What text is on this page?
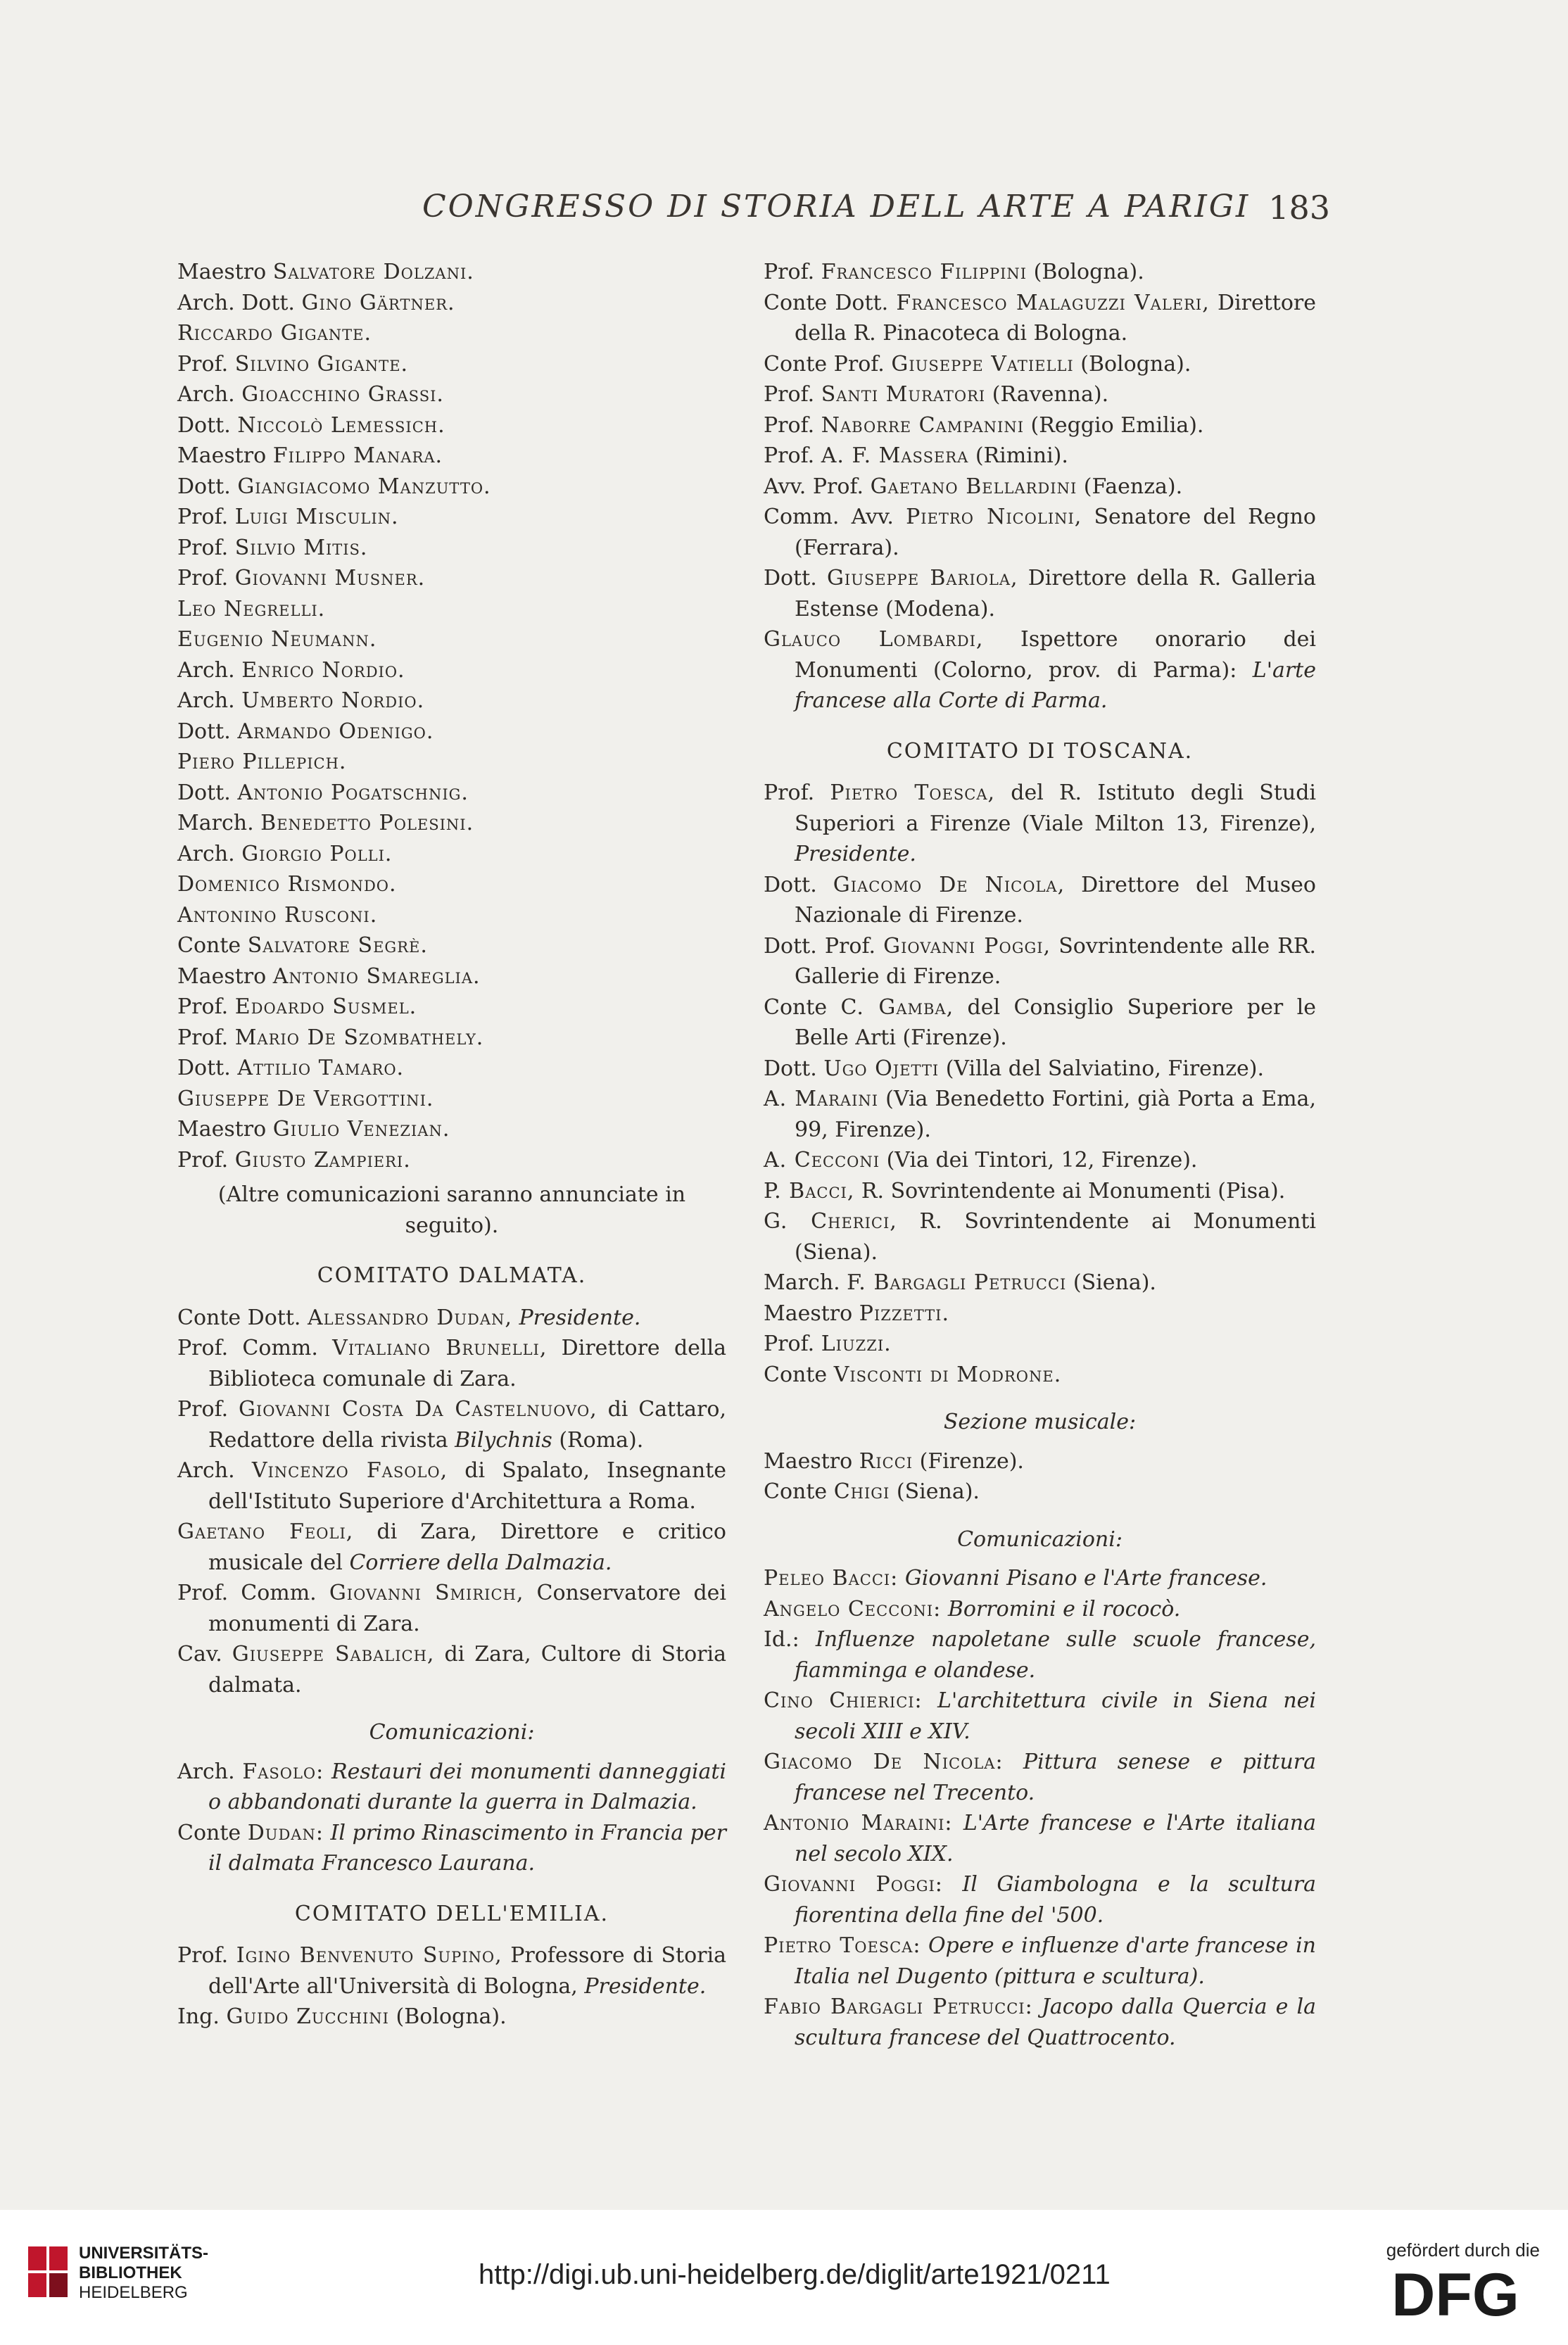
CONGRESSO DI STORIA DELL ARTE A PARIGI 183
Maestro Salvatore Dolzani.
Arch. Dott. Gino Gärtner.
Riccardo Gigante.
Prof. Silvino Gigante.
Arch. Gioacchino Grassi.
Dott. Niccolò Lemessich.
Maestro Filippo Manara.
Dott. Giangiacomo Manzutto.
Prof. Luigi Misculin.
Prof. Silvio Mitis.
Prof. Giovanni Musner.
Leo Negrelli.
Eugenio Neumann.
Arch. Enrico Nordio.
Arch. Umberto Nordio.
Dott. Armando Odenigo.
Piero Pillepich.
Dott. Antonio Pogatschnig.
March. Benedetto Polesini.
Arch. Giorgio Polli.
Domenico Rismondo.
Antonino Rusconi.
Conte Salvatore Segrè.
Maestro Antonio Smareglia.
Prof. Edoardo Susmel.
Prof. Mario De Szombathely.
Dott. Attilio Tamaro.
Giuseppe De Vergottini.
Maestro Giulio Venezian.
Prof. Giusto Zampieri.
(Altre comunicazioni saranno annunciate in seguito).
COMITATO DALMATA.
Conte Dott. Alessandro Dudan, Presidente.
Prof. Comm. Vitaliano Brunelli, Direttore della Biblioteca comunale di Zara.
Prof. Giovanni Costa Da Castelnuovo, di Cattaro, Redattore della rivista Bilychnis (Roma).
Arch. Vincenzo Fasolo, di Spalato, Insegnante dell'Istituto Superiore d'Architettura a Roma.
Gaetano Feoli, di Zara, Direttore e critico musicale del Corriere della Dalmazia.
Prof. Comm. Giovanni Smirich, Conservatore dei monumenti di Zara.
Cav. Giuseppe Sabalich, di Zara, Cultore di Storia dalmata.
Comunicazioni:
Arch. Fasolo: Restauri dei monumenti danneggiati o abbandonati durante la guerra in Dalmazia.
Conte Dudan: Il primo Rinascimento in Francia per il dalmata Francesco Laurana.
COMITATO DELL'EMILIA.
Prof. Igino Benvenuto Supino, Professore di Storia dell'Arte all'Università di Bologna, Presidente.
Ing. Guido Zucchini (Bologna).
Prof. Francesco Filippini (Bologna).
Conte Dott. Francesco Malaguzzi Valeri, Direttore della R. Pinacoteca di Bologna.
Conte Prof. Giuseppe Vatielli (Bologna).
Prof. Santi Muratori (Ravenna).
Prof. Naborre Campanini (Reggio Emilia).
Prof. A. F. Massera (Rimini).
Avv. Prof. Gaetano Bellardini (Faenza).
Comm. Avv. Pietro Nicolini, Senatore del Regno (Ferrara).
Dott. Giuseppe Bariola, Direttore della R. Galleria Estense (Modena).
Glauco Lombardi, Ispettore onorario dei Monumenti (Colorno, prov. di Parma): L'arte francese alla Corte di Parma.
COMITATO DI TOSCANA.
Prof. Pietro Toesca, del R. Istituto degli Studi Superiori a Firenze (Viale Milton 13, Firenze), Presidente.
Dott. Giacomo De Nicola, Direttore del Museo Nazionale di Firenze.
Dott. Prof. Giovanni Poggi, Sovrintendente alle RR. Gallerie di Firenze.
Conte C. Gamba, del Consiglio Superiore per le Belle Arti (Firenze).
Dott. Ugo Ojetti (Villa del Salviatino, Firenze).
A. Maraini (Via Benedetto Fortini, già Porta a Ema, 99, Firenze).
A. Cecconi (Via dei Tintori, 12, Firenze).
P. Bacci, R. Sovrintendente ai Monumenti (Pisa).
G. Cherici, R. Sovrintendente ai Monumenti (Siena).
March. F. Bargagli Petrucci (Siena).
Maestro Pizzetti.
Prof. Liuzzi.
Conte Visconti di Modrone.
Sezione musicale:
Maestro Ricci (Firenze).
Conte Chigi (Siena).
Comunicazioni:
Peleo Bacci: Giovanni Pisano e l'Arte francese.
Angelo Cecconi: Borromini e il rococò.
Id.: Influenze napoletane sulle scuole francese, fiamminga e olandese.
Cino Chierici: L'architettura civile in Siena nei secoli XIII e XIV.
Giacomo De Nicola: Pittura senese e pittura francese nel Trecento.
Antonio Maraini: L'Arte francese e l'Arte italiana nel secolo XIX.
Giovanni Poggi: Il Giambologna e la scultura fiorentina della fine del '500.
Pietro Toesca: Opere e influenze d'arte francese in Italia nel Dugento (pittura e scultura).
Fabio Bargagli Petrucci: Jacopo dalla Quercia e la scultura francese del Quattrocento.
UNIVERSITÄTS-
BIBLIOTHEK
HEIDELBERG
http://digi.ub.uni-heidelberg.de/diglit/arte1921/0211
gefördert durch die
DFG
